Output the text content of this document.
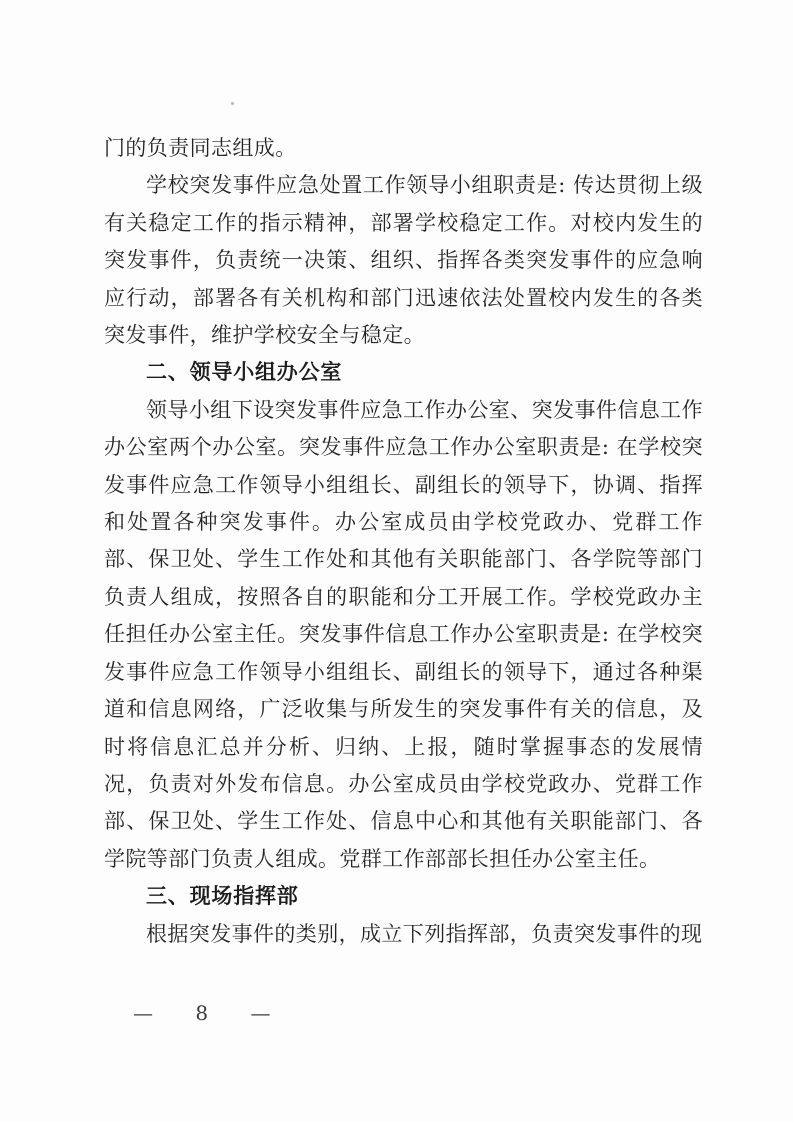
门的负责同志组成。

学校突发事件应急处置工作领导小组职责是: 传达贯彻上级有关稳定工作的指示精神，部署学校稳定工作。对校内发生的突发事件，负责统一决策、组织、指挥各类突发事件的应急响应行动，部署各有关机构和部门迅速依法处置校内发生的各类突发事件，维护学校安全与稳定。

二、领导小组办公室

领导小组下设突发事件应急工作办公室、突发事件信息工作办公室两个办公室。突发事件应急工作办公室职责是: 在学校突发事件应急工作领导小组组长、副组长的领导下，协调、指挥和处置各种突发事件。办公室成员由学校党政办、党群工作部、保卫处、学生工作处和其他有关职能部门、各学院等部门负责人组成，按照各自的职能和分工开展工作。学校党政办主任担任办公室主任。突发事件信息工作办公室职责是: 在学校突发事件应急工作领导小组组长、副组长的领导下，通过各种渠道和信息网络，广泛收集与所发生的突发事件有关的信息，及时将信息汇总并分析、归纳、上报，随时掌握事态的发展情况，负责对外发布信息。办公室成员由学校党政办、党群工作部、保卫处、学生工作处、信息中心和其他有关职能部门、各学院等部门负责人组成。党群工作部部长担任办公室主任。

三、现场指挥部

根据突发事件的类别，成立下列指挥部，负责突发事件的现

— 8 —
